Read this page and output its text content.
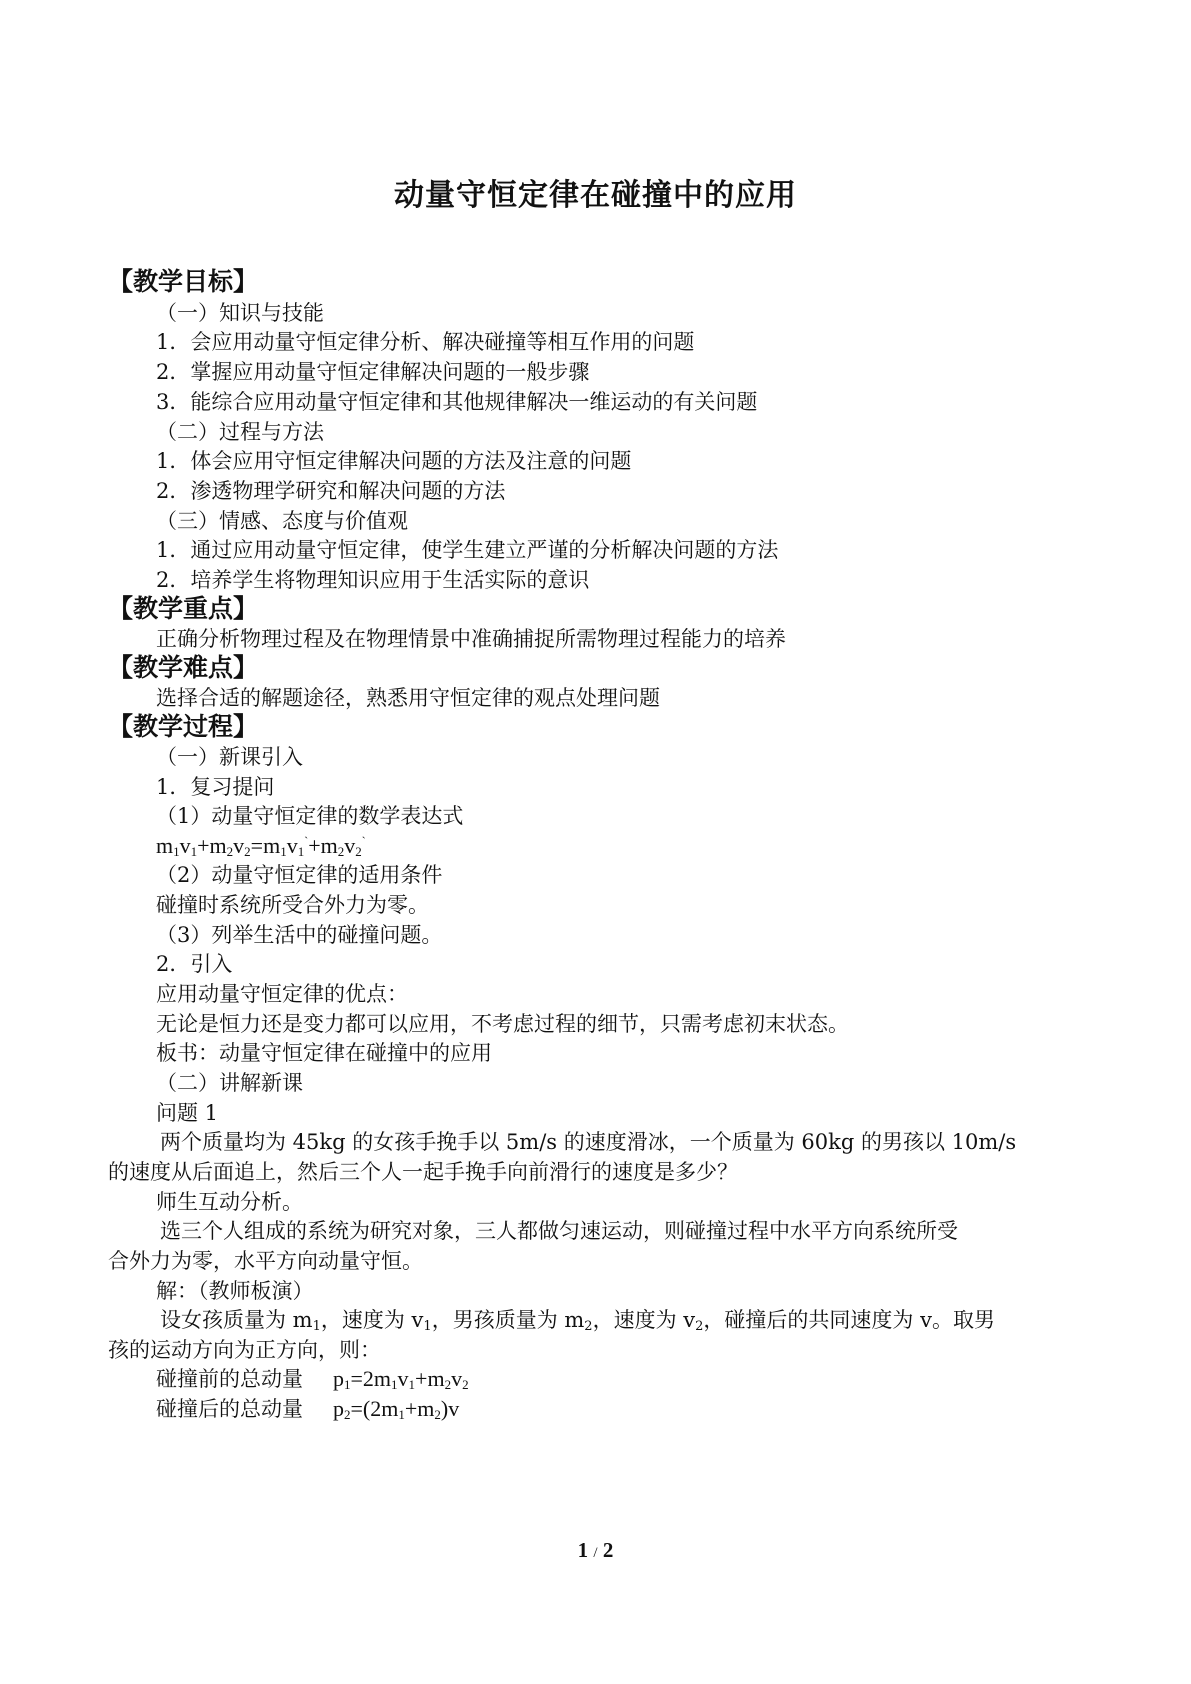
动量守恒定律在碰撞中的应用
【教学目标】
（一）知识与技能
1．会应用动量守恒定律分析、解决碰撞等相互作用的问题
2．掌握应用动量守恒定律解决问题的一般步骤
3．能综合应用动量守恒定律和其他规律解决一维运动的有关问题
（二）过程与方法
1．体会应用守恒定律解决问题的方法及注意的问题
2．渗透物理学研究和解决问题的方法
（三）情感、态度与价值观
1．通过应用动量守恒定律，使学生建立严谨的分析解决问题的方法
2．培养学生将物理知识应用于生活实际的意识
【教学重点】
正确分析物理过程及在物理情景中准确捕捉所需物理过程能力的培养
【教学难点】
选择合适的解题途径，熟悉用守恒定律的观点处理问题
【教学过程】
（一）新课引入
1．复习提问
（1）动量守恒定律的数学表达式
$m_1v_1+m_2v_2=m_1v_1^`+m_2v_2^`$
（2）动量守恒定律的适用条件
碰撞时系统所受合外力为零。
（3）列举生活中的碰撞问题。
2．引入
应用动量守恒定律的优点：
无论是恒力还是变力都可以应用，不考虑过程的细节，只需考虑初末状态。
板书：动量守恒定律在碰撞中的应用
（二）讲解新课
问题 1
两个质量均为 45kg 的女孩手挽手以 5m/s 的速度滑冰，一个质量为 60kg 的男孩以 10m/s
的速度从后面追上，然后三个人一起手挽手向前滑行的速度是多少？
师生互动分析。
选三个人组成的系统为研究对象，三人都做匀速运动，则碰撞过程中水平方向系统所受
合外力为零，水平方向动量守恒。
解：（教师板演）
设女孩质量为 $m_1$，速度为 $v_1$，男孩质量为 $m_2$，速度为 $v_2$，碰撞后的共同速度为 v。取男
孩的运动方向为正方向，则：
碰撞前的总动量 $p_1=2m_1v_1+m_2v_2$
碰撞后的总动量 $p_2=(2m_1+m_2)v$
1 / 2
